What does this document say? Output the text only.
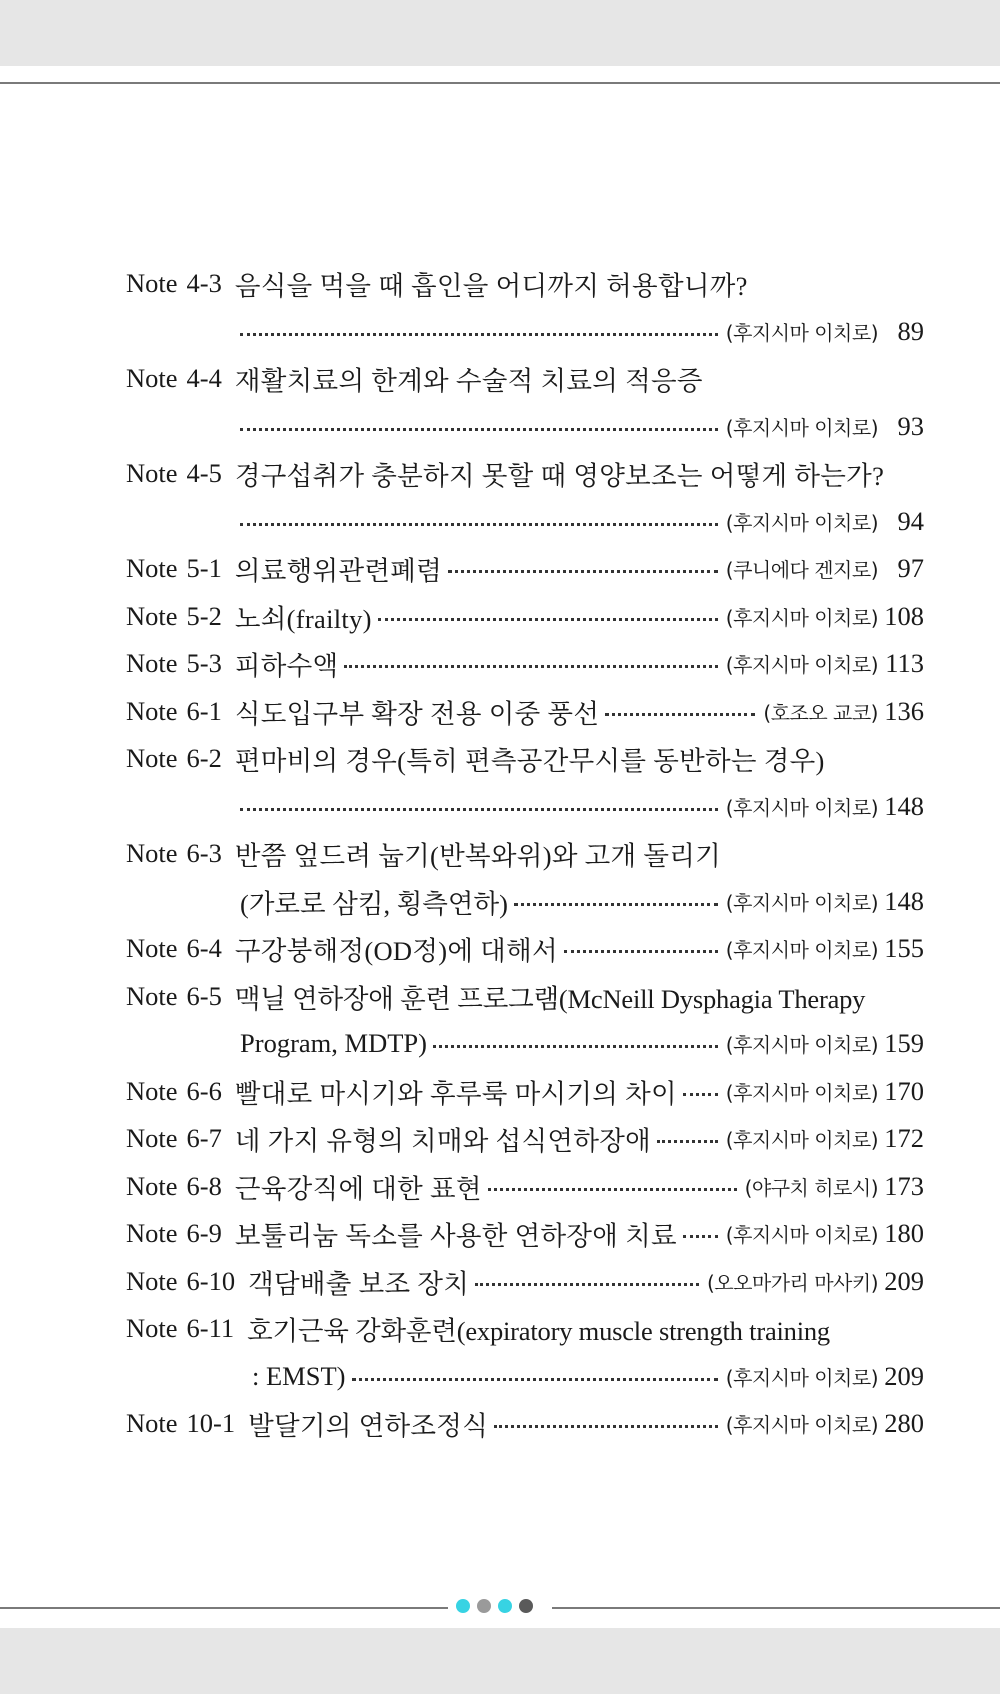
Note 4-3 음식을 먹을 때 흡인을 어디까지 허용합니까?
(후지시마 이치로) 89
Note 4-4 재활치료의 한계와 수술적 치료의 적응증
(후지시마 이치로) 93
Note 4-5 경구섭취가 충분하지 못할 때 영양보조는 어떻게 하는가?
(후지시마 이치로) 94
Note 5-1 의료행위관련폐렴	(쿠니에다 겐지로) 97
Note 5-2 노쇠(frailty)	(후지시마 이치로) 108
Note 5-3 피하수액	(후지시마 이치로) 113
Note 6-1 식도입구부 확장 전용 이중 풍선	(호조오 교코) 136
Note 6-2 편마비의 경우(특히 편측공간무시를 동반하는 경우)
(후지시마 이치로) 148
Note 6-3 반쯤 엎드려 눕기(반복와위)와 고개 돌리기
(가로로 삼킴, 횡측연하)	(후지시마 이치로) 148
Note 6-4 구강붕해정(OD정)에 대해서	(후지시마 이치로) 155
Note 6-5 맥닐 연하장애 훈련 프로그램(McNeill Dysphagia Therapy
Program, MDTP)	(후지시마 이치로) 159
Note 6-6 빨대로 마시기와 후루룩 마시기의 차이 (후지시마 이치로) 170
Note 6-7 네 가지 유형의 치매와 섭식연하장애	(후지시마 이치로) 172
Note 6-8 근육강직에 대한 표현	(야구치 히로시) 173
Note 6-9 보툴리눔 독소를 사용한 연하장애 치료 (후지시마 이치로) 180
Note 6-10 객담배출 보조 장치	(오오마가리 마사키) 209
Note 6-11 호기근육 강화훈련(expiratory muscle strength training
: EMST)	(후지시마 이치로) 209
Note 10-1 발달기의 연하조정식	(후지시마 이치로) 280
